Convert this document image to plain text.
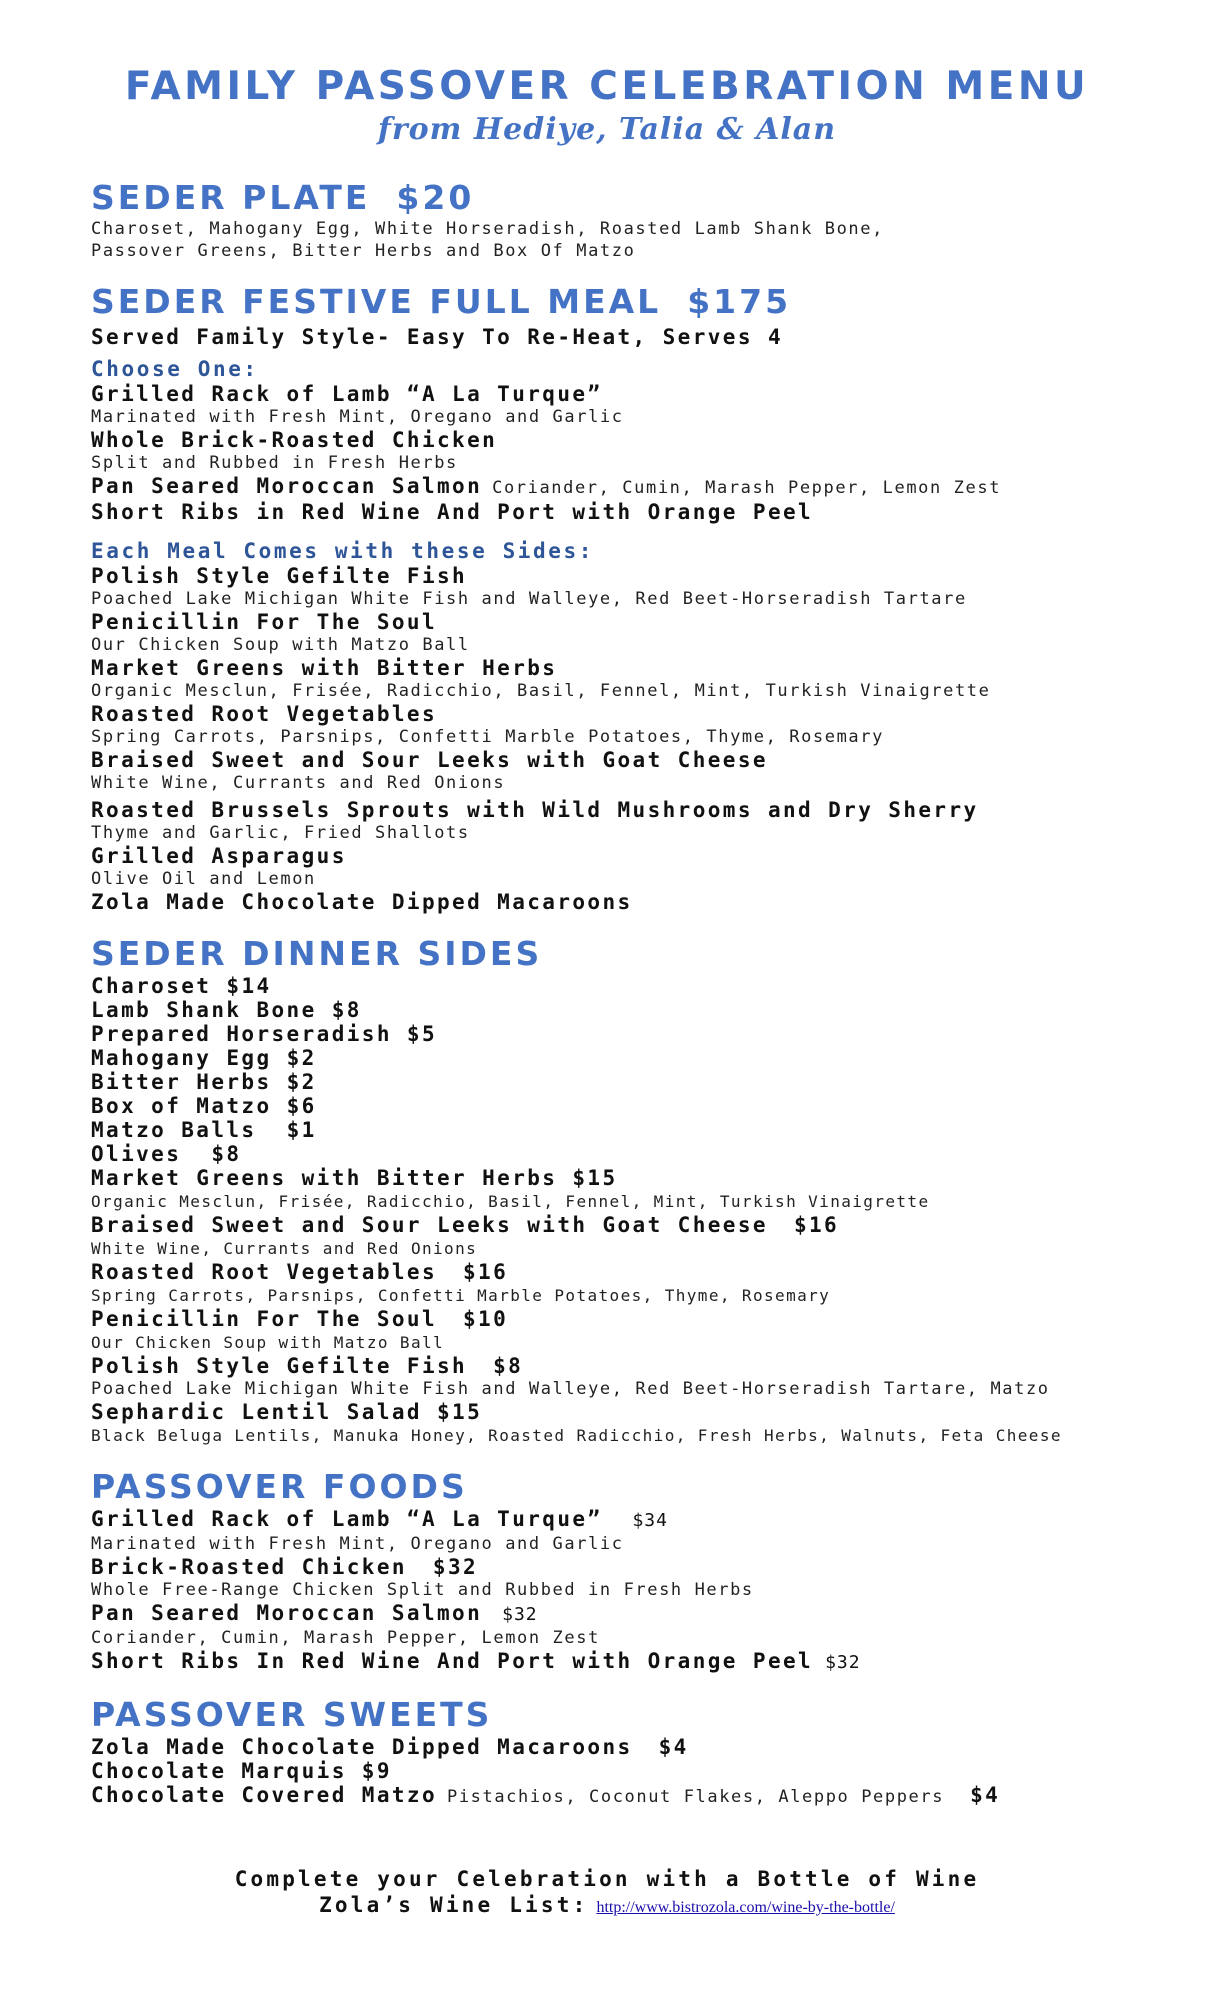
FAMILY PASSOVER CELEBRATION MENU
from Hediye, Talia & Alan
SEDER PLATE $20
Charoset, Mahogany Egg, White Horseradish, Roasted Lamb Shank Bone,
Passover Greens, Bitter Herbs and Box Of Matzo
SEDER FESTIVE FULL MEAL $175
Served Family Style- Easy To Re-Heat, Serves 4
Choose One:
Grilled Rack of Lamb “A La Turque”
Marinated with Fresh Mint, Oregano and Garlic
Whole Brick-Roasted Chicken
Split and Rubbed in Fresh Herbs
Pan Seared Moroccan Salmon Coriander, Cumin, Marash Pepper, Lemon Zest
Short Ribs in Red Wine And Port with Orange Peel
Each Meal Comes with these Sides:
Polish Style Gefilte Fish
Poached Lake Michigan White Fish and Walleye, Red Beet-Horseradish Tartare
Penicillin For The Soul
Our Chicken Soup with Matzo Ball
Market Greens with Bitter Herbs
Organic Mesclun, Frisée, Radicchio, Basil, Fennel, Mint, Turkish Vinaigrette
Roasted Root Vegetables
Spring Carrots, Parsnips, Confetti Marble Potatoes, Thyme, Rosemary
Braised Sweet and Sour Leeks with Goat Cheese
White Wine, Currants and Red Onions
Roasted Brussels Sprouts with Wild Mushrooms and Dry Sherry
Thyme and Garlic, Fried Shallots
Grilled Asparagus
Olive Oil and Lemon
Zola Made Chocolate Dipped Macaroons
SEDER DINNER SIDES
Charoset $14
Lamb Shank Bone $8
Prepared Horseradish $5
Mahogany Egg $2
Bitter Herbs $2
Box of Matzo $6
Matzo Balls $1
Olives $8
Market Greens with Bitter Herbs $15
Organic Mesclun, Frisée, Radicchio, Basil, Fennel, Mint, Turkish Vinaigrette
Braised Sweet and Sour Leeks with Goat Cheese $16
White Wine, Currants and Red Onions
Roasted Root Vegetables $16
Spring Carrots, Parsnips, Confetti Marble Potatoes, Thyme, Rosemary
Penicillin For The Soul $10
Our Chicken Soup with Matzo Ball
Polish Style Gefilte Fish $8
Poached Lake Michigan White Fish and Walleye, Red Beet-Horseradish Tartare, Matzo
Sephardic Lentil Salad $15
Black Beluga Lentils, Manuka Honey, Roasted Radicchio, Fresh Herbs, Walnuts, Feta Cheese
PASSOVER FOODS
Grilled Rack of Lamb “A La Turque” $34
Marinated with Fresh Mint, Oregano and Garlic
Brick-Roasted Chicken $32
Whole Free-Range Chicken Split and Rubbed in Fresh Herbs
Pan Seared Moroccan Salmon $32
Coriander, Cumin, Marash Pepper, Lemon Zest
Short Ribs In Red Wine And Port with Orange Peel $32
PASSOVER SWEETS
Zola Made Chocolate Dipped Macaroons $4
Chocolate Marquis $9
Chocolate Covered Matzo Pistachios, Coconut Flakes, Aleppo Peppers $4
Complete your Celebration with a Bottle of Wine
Zola’s Wine List: http://www.bistrozola.com/wine-by-the-bottle/
